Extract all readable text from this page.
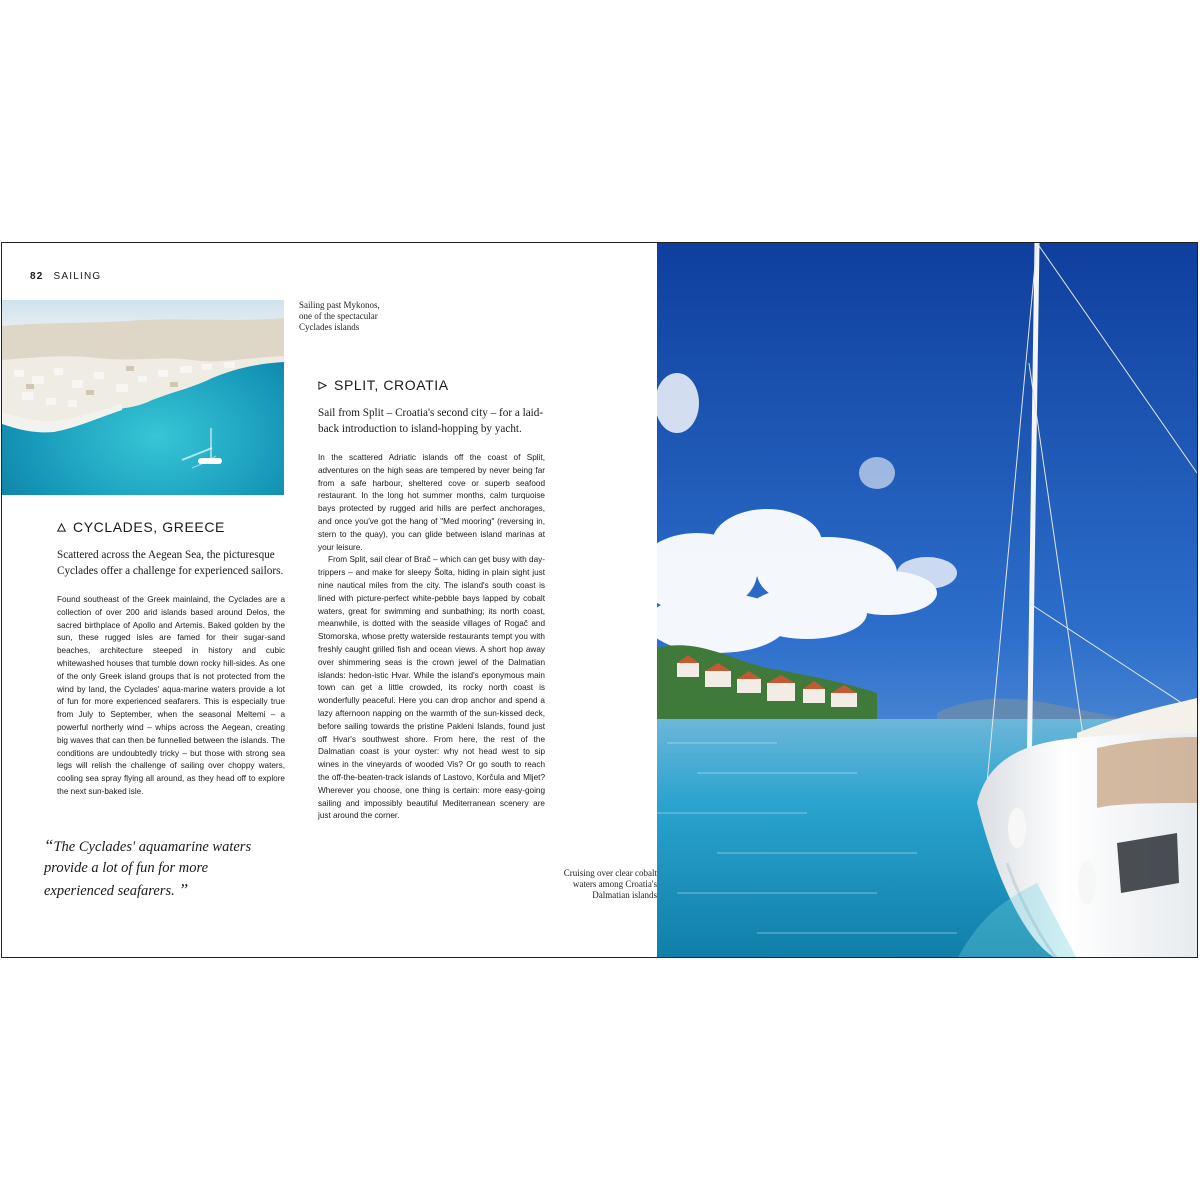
82 SAILING
Sailing past Mykonos,
one of the spectacular
Cyclades islands
CYCLADES, GREECE
Scattered across the Aegean Sea, the picturesque Cyclades offer a challenge for experienced sailors.

Found southeast of the Greek mainlaind, the Cyclades are a collection of over 200 arid islands based around Delos, the sacred birthplace of Apollo and Artemis. Baked golden by the sun, these rugged isles are famed for their sugar-sand beaches, architecture steeped in history and cubic whitewashed houses that tumble down rocky hill-sides. As one of the only Greek island groups that is not protected from the wind by land, the Cyclades' aqua-marine waters provide a lot of fun for more experienced seafarers. This is especially true from July to September, when the seasonal Meltemi – a powerful northerly wind – whips across the Aegean, creating big waves that can then be funnelled between the islands. The conditions are undoubtedly tricky – but those with strong sea legs will relish the challenge of sailing over choppy waters, cooling sea spray flying all around, as they head off to explore the next sun-baked isle.

“The Cyclades' aquamarine waters provide a lot of fun for more experienced seafarers. ”
SPLIT, CROATIA
Sail from Split – Croatia's second city – for a laid-back introduction to island-hopping by yacht.

In the scattered Adriatic islands off the coast of Split, adventures on the high seas are tempered by never being far from a safe harbour, sheltered cove or superb seafood restaurant. In the long hot summer months, calm turquoise bays protected by rugged arid hills are perfect anchorages, and once you've got the hang of "Med mooring" (reversing in, stern to the quay), you can glide between island marinas at your leisure.

From Split, sail clear of Brač – which can get busy with day-trippers – and make for sleepy Šolta, hiding in plain sight just nine nautical miles from the city. The island's south coast is lined with picture-perfect white-pebble bays lapped by cobalt waters, great for swimming and sunbathing; its north coast, meanwhile, is dotted with the seaside villages of Rogač and Stomorska, whose pretty waterside restaurants tempt you with freshly caught grilled fish and ocean views. A short hop away over shimmering seas is the crown jewel of the Dalmatian islands: hedon-istic Hvar. While the island's eponymous main town can get a little crowded, its rocky north coast is wonderfully peaceful. Here you can drop anchor and spend a lazy afternoon napping on the warmth of the sun-kissed deck, before sailing towards the pristine Pakleni Islands, found just off Hvar's southwest shore. From here, the rest of the Dalmatian coast is your oyster: why not head west to sip wines in the vineyards of wooded Vis? Or go south to reach the off-the-beaten-track islands of Lastovo, Korčula and Mljet? Wherever you choose, one thing is certain: more easy-going sailing and impossibly beautiful Mediterranean scenery are just around the corner.

Cruising over clear cobalt
waters among Croatia's
Dalmatian islands
